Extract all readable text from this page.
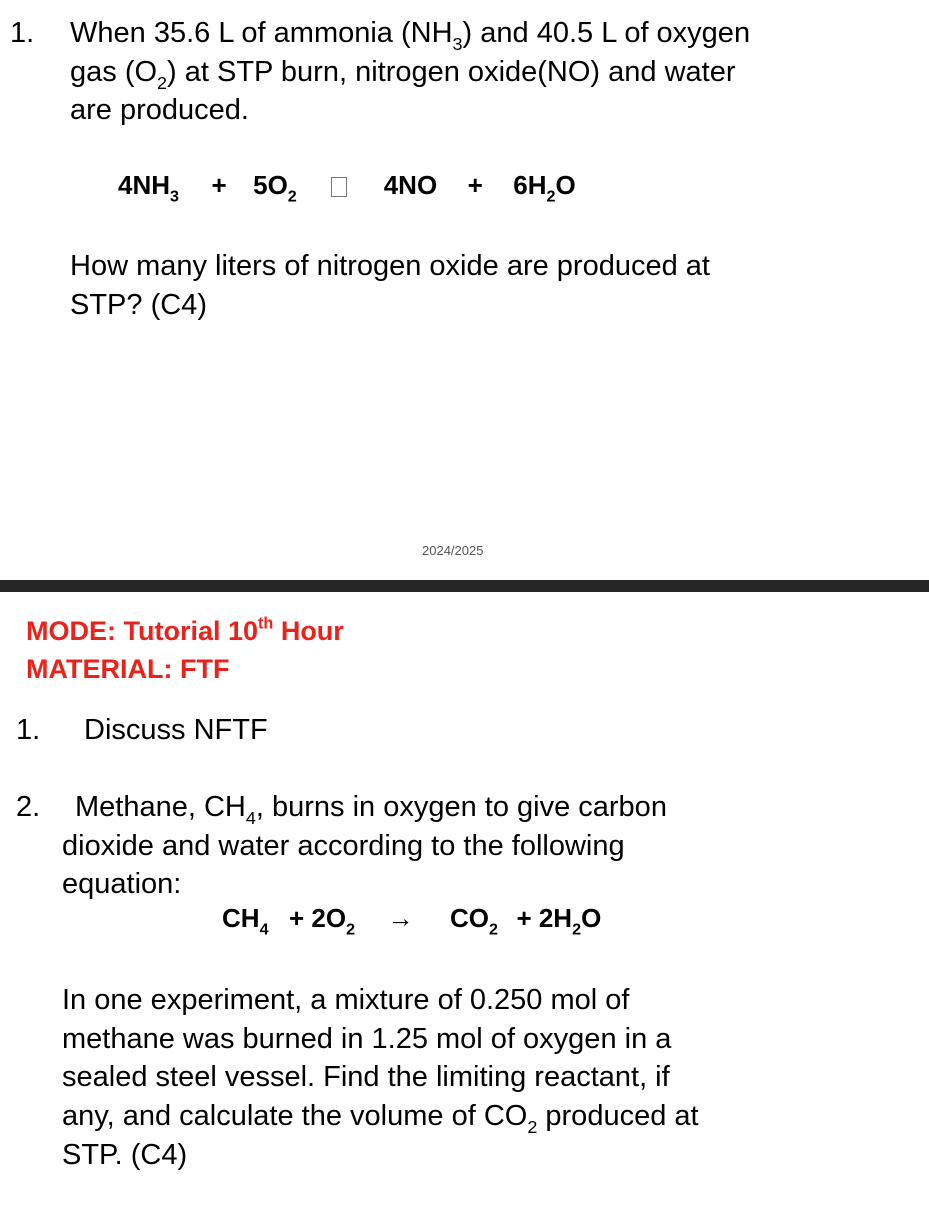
1. When 35.6 L of ammonia $(NH_3)$ and 40.5 L of oxygen
gas $(O_2)$ at STP burn, nitrogen oxide(NO) and water
are produced.
$4NH_3 + 5O_2$	$4NO + 6H_2O$
How many liters of nitrogen oxide are produced at
STP? (C4)
2024/2025
MODE: Tutorial 10th Hour
MATERIAL: FTF
1. Discuss NFTF
2. Methane, $CH_4$, burns in oxygen to give carbon
dioxide and water according to the following
equation:
$CH_4 + 2O_2 \to CO_2 + 2H_2O$
In one experiment, a mixture of 0.250 mol of
methane was burned in 1.25 mol of oxygen in a
sealed steel vessel. Find the limiting reactant, if
any, and calculate the volume of $CO_2$ produced at
STP. (C4)
